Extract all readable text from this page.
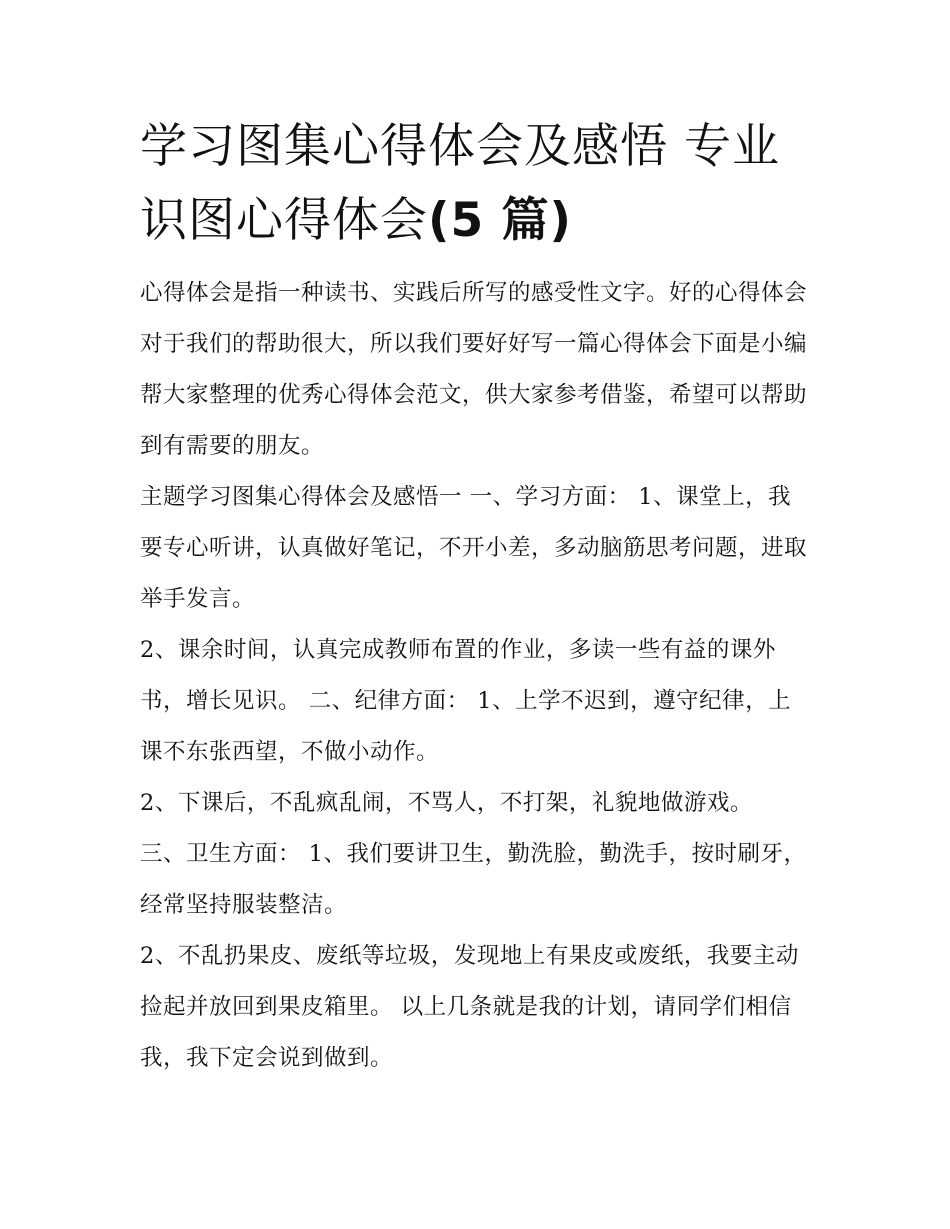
学习图集心得体会及感悟 专业
识图心得体会(5 篇)

心得体会是指一种读书、实践后所写的感受性文字。好的心得体会对于我们的帮助很大，所以我们要好好写一篇心得体会下面是小编帮大家整理的优秀心得体会范文，供大家参考借鉴，希望可以帮助到有需要的朋友。

主题学习图集心得体会及感悟一 一、学习方面： 1、课堂上，我要专心听讲，认真做好笔记，不开小差，多动脑筋思考问题，进取举手发言。

2、课余时间，认真完成教师布置的作业，多读一些有益的课外书，增长见识。 二、纪律方面： 1、上学不迟到，遵守纪律，上课不东张西望，不做小动作。

2、下课后，不乱疯乱闹，不骂人，不打架，礼貌地做游戏。

三、卫生方面： 1、我们要讲卫生，勤洗脸，勤洗手，按时刷牙，经常坚持服装整洁。

2、不乱扔果皮、废纸等垃圾，发现地上有果皮或废纸，我要主动捡起并放回到果皮箱里。 以上几条就是我的计划，请同学们相信我，我下定会说到做到。
